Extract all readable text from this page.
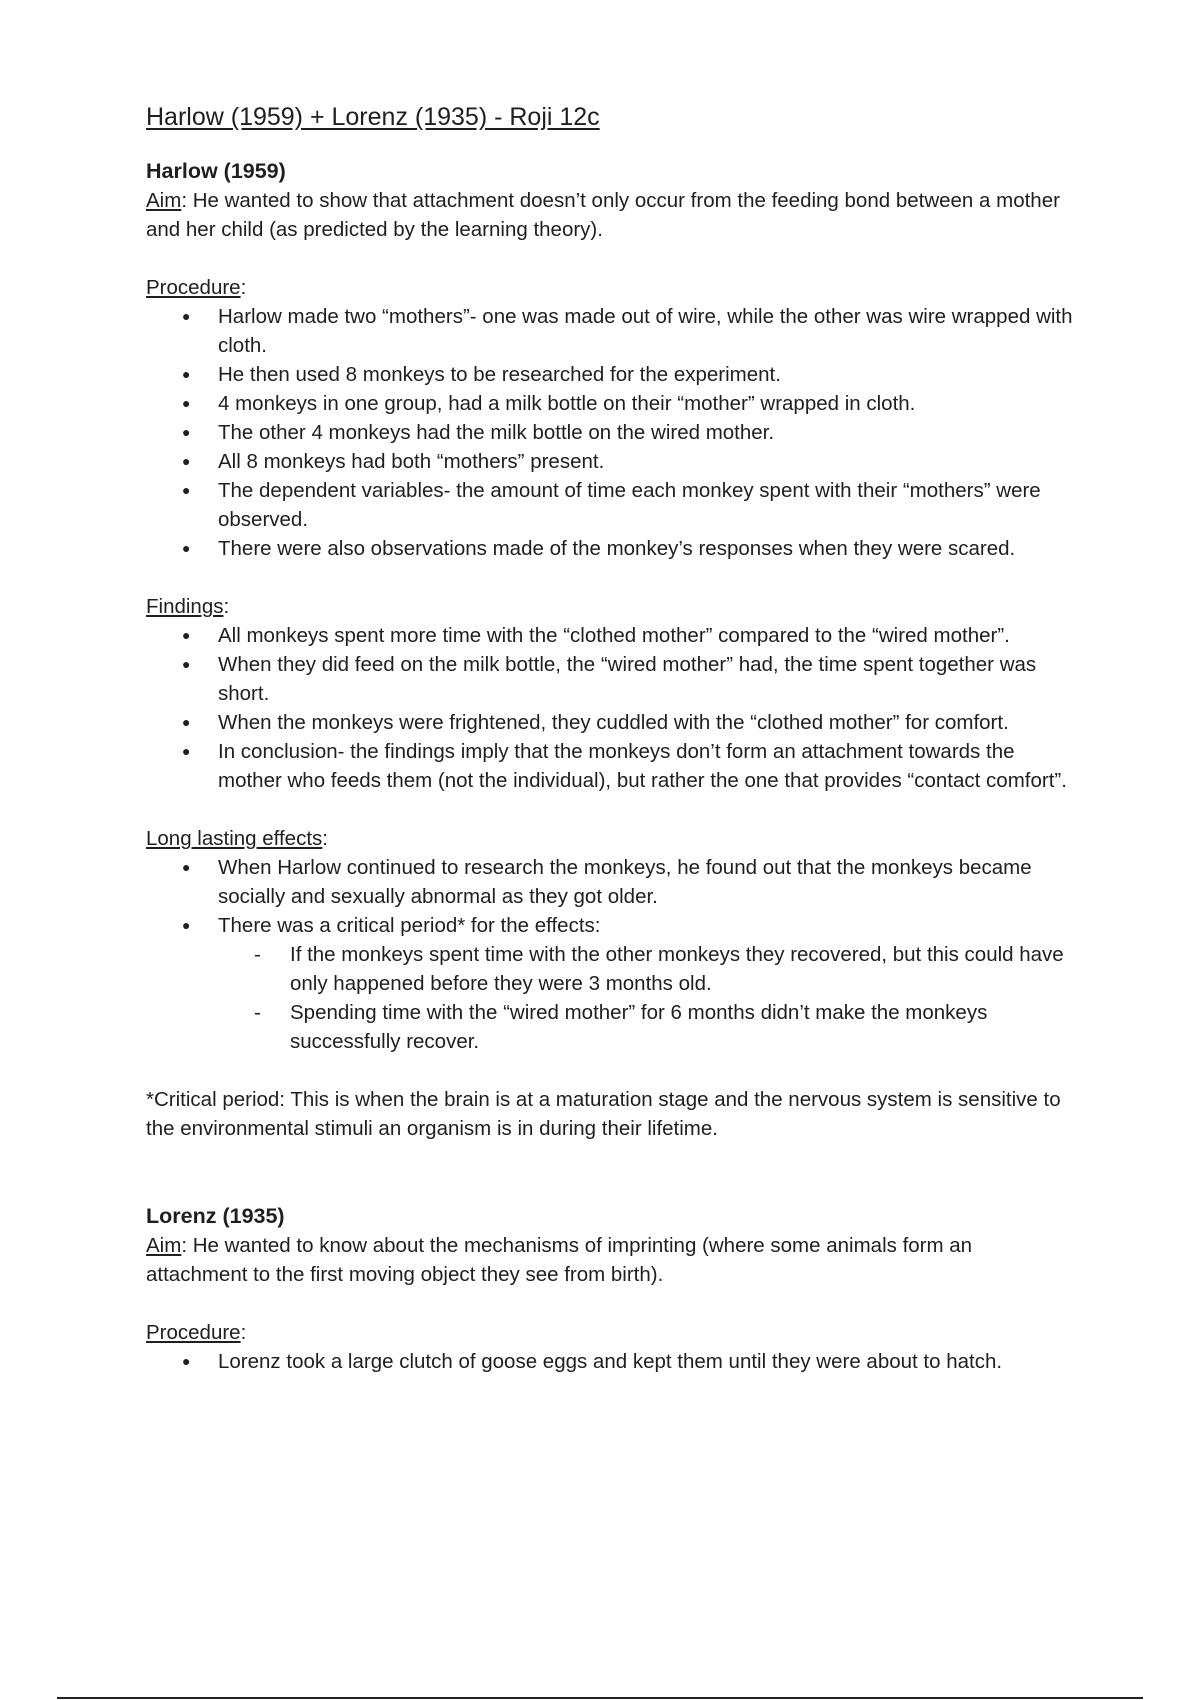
Harlow (1959) + Lorenz (1935) - Roji 12c
Harlow (1959)

Aim: He wanted to show that attachment doesn’t only occur from the feeding bond between a mother and her child (as predicted by the learning theory).

Procedure:

● Harlow made two “mothers”- one was made out of wire, while the other was wire wrapped with cloth.
● He then used 8 monkeys to be researched for the experiment.
● 4 monkeys in one group, had a milk bottle on their “mother” wrapped in cloth.
● The other 4 monkeys had the milk bottle on the wired mother.
● All 8 monkeys had both “mothers” present.
● The dependent variables- the amount of time each monkey spent with their “mothers” were observed.
● There were also observations made of the monkey’s responses when they were scared.

Findings:

● All monkeys spent more time with the “clothed mother” compared to the “wired mother”.
● When they did feed on the milk bottle, the “wired mother” had, the time spent together was short.
● When the monkeys were frightened, they cuddled with the “clothed mother” for comfort.
● In conclusion- the findings imply that the monkeys don’t form an attachment towards the mother who feeds them (not the individual), but rather the one that provides “contact comfort”.

Long lasting effects:

● When Harlow continued to research the monkeys, he found out that the monkeys became socially and sexually abnormal as they got older.
● There was a critical period* for the effects:
- If the monkeys spent time with the other monkeys they recovered, but this could have only happened before they were 3 months old.
- Spending time with the “wired mother” for 6 months didn’t make the monkeys successfully recover.

*Critical period: This is when the brain is at a maturation stage and the nervous system is sensitive to the environmental stimuli an organism is in during their lifetime.

Lorenz (1935)

Aim: He wanted to know about the mechanisms of imprinting (where some animals form an attachment to the first moving object they see from birth).

Procedure:

● Lorenz took a large clutch of goose eggs and kept them until they were about to hatch.
